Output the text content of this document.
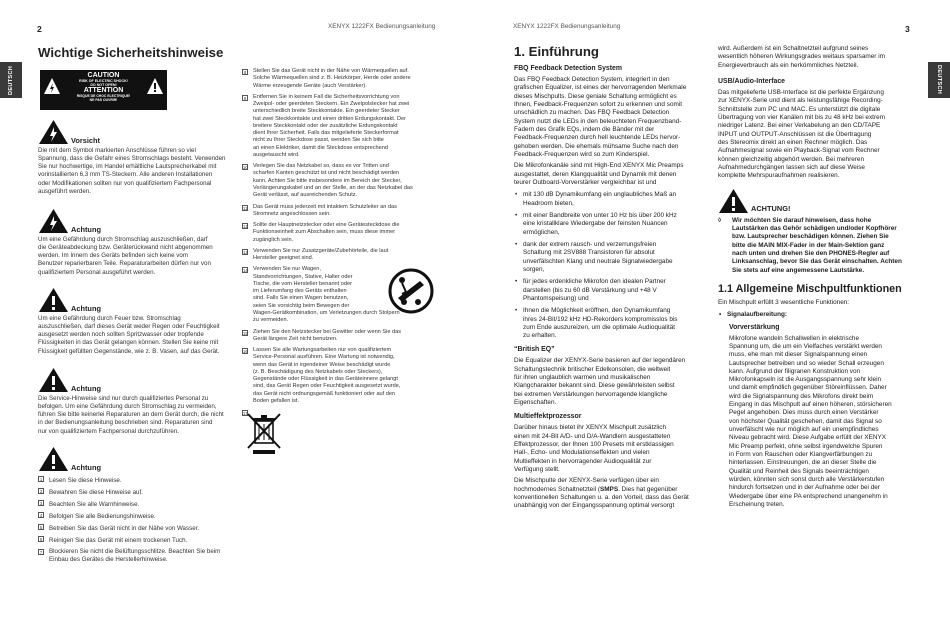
2	XENYX 1222FX Bedienungsanleitung	XENYX 1222FX Bedienungsanleitung	3
DEUTSCH	DEUTSCH
Wichtige Sicherheitshinweise
CAUTION
RISK OF ELECTRIC SHOCK!
DO NOT OPEN!
ATTENTION
RISQUE DE CHOC ELECTRIQUE!
NE PAS OUVRIR!
Vorsicht
Die mit dem Symbol markierten Anschlüsse führen so viel
Spannung, dass die Gefahr eines Stromschlags besteht. Verwenden
Sie nur hochwertige, im Handel erhältliche Lautsprecherkabel mit
vorinstallierten 6,3 mm TS-Steckern. Alle anderen Installationen
oder Modifikationen sollten nur von qualifiziertem Fachpersonal
ausgeführt werden.
Achtung
Um eine Gefährdung durch Stromschlag auszuschließen, darf
die Geräteabdeckung bzw. Geräterückwand nicht abgenommen
werden. Im Innern des Geräts befinden sich keine vom
Benutzer reparierbaren Teile. Reparaturarbeiten dürfen nur von
qualifiziertem Personal ausgeführt werden.
Achtung
Um eine Gefährdung durch Feuer bzw. Stromschlag
auszuschließen, darf dieses Gerät weder Regen oder Feuchtigkeit
ausgesetzt werden noch sollten Spritzwasser oder tropfende
Flüssigkeiten in das Gerät gelangen können. Stellen Sie keine mit
Flüssigkeit gefüllten Gegenstände, wie z. B. Vasen, auf das Gerät.
Achtung
Die Service-Hinweise sind nur durch qualifiziertes Personal zu
befolgen. Um eine Gefährdung durch Stromschlag zu vermeiden,
führen Sie bitte keinerlei Reparaturen an dem Gerät durch, die nicht
in der Bedienungsanleitung beschrieben sind. Reparaturen sind
nur von qualifiziertem Fachpersonal durchzuführen.
Achtung
1 Lesen Sie diese Hinweise.
2 Bewahren Sie diese Hinweise auf.
3 Beachten Sie alle Warnhinweise.
4 Befolgen Sie alle Bedienungshinweise.
5 Betreiben Sie das Gerät nicht in der Nähe von Wasser.
6 Reinigen Sie das Gerät mit einem trockenen Tuch.
7 Blockieren Sie nicht die Belüftungsschlitze. Beachten Sie beim
Einbau des Gerätes die Herstellerhinweise.
8	Stellen Sie das Gerät nicht in der Nähe von Wärmequellen auf.
Solche Wärmequellen sind z. B. Heizkörper, Herde oder andere
Wärme erzeugende Geräte (auch Verstärker).
9	Entfernen Sie in keinem Fall die Sicherheitsvorrichtung von
Zweipol- oder geerdeten Steckern. Ein Zweipolstecker hat zwei
unterschiedlich breite Steckkontakte. Ein geerdeter Stecker
hat zwei Steckkontakte und einen dritten Erdungskontakt. Der
breitere Steckkontakt oder der zusätzliche Erdungskontakt
dient Ihrer Sicherheit. Falls das mitgelieferte Steckerformat
nicht zu Ihrer Steckdose passt, wenden Sie sich bitte
an einen Elektriker, damit die Steckdose entsprechend
ausgetauscht wird.
10 Verlegen Sie das Netzkabel so, dass es vor Tritten und
scharfen Kanten geschützt ist und nicht beschädigt werden
kann. Achten Sie bitte insbesondere im Bereich der Stecker,
Verlängerungskabel und an der Stelle, an der das Netzkabel das
Gerät verlässt, auf ausreichenden Schutz.
11 Das Gerät muss jederzeit mit intaktem Schutzleiter an das
Stromnetz angeschlossen sein.
12 Sollte der Hauptnetzstecker oder eine Gerätesteckdose die
Funktionseinheit zum Abschalten sein, muss diese immer
zugänglich sein.
13 Verwenden Sie nur Zusatzgeräte/Zubehörteile, die laut
Hersteller geeignet sind.
14 Verwenden Sie nur Wagen,
Standvorrichtungen, Stative, Halter oder
Tische, die vom Hersteller benannt oder
im Lieferumfang des Geräts enthalten
sind. Falls Sie einen Wagen benutzen,
seien Sie vorsichtig beim Bewegen der
Wagen-Gerätkombination, um Verletzungen durch Stolpern
zu vermeiden.
15 Ziehen Sie den Netzstecker bei Gewitter oder wenn Sie das
Gerät längere Zeit nicht benutzen.
16 Lassen Sie alle Wartungsarbeiten nur von qualifiziertem
Service-Personal ausführen. Eine Wartung ist notwendig,
wenn das Gerät in irgendeiner Weise beschädigt wurde
(z. B. Beschädigung des Netzkabels oder Steckers),
Gegenstände oder Flüssigkeit in das Geräteinnere gelangt
sind, das Gerät Regen oder Feuchtigkeit ausgesetzt wurde,
das Gerät nicht ordnungsgemäß funktioniert oder auf den
Boden gefallen ist.
17
1. Einführung
FBQ Feedback Detection System
Das FBQ Feedback Detection System, integriert in den
grafischen Equalizer, ist eines der hervorragenden Merkmale
dieses Mischpults. Diese geniale Schaltung ermöglicht es
Ihnen, Feedback-Frequenzen sofort zu erkennen und somit
unschädlich zu machen. Das FBQ Feedback Detection
System nutzt die LEDs in den beleuchteten Frequenzband-
Fadern des Grafik EQs, indem die Bänder mit der
Feedback-Frequenzen durch hell leuchtende LEDs hervor-
gehoben werden. Die ehemals mühsame Suche nach den
Feedback-Frequenzen wird so zum Kinderspiel.
Die Mikrofonkanäle sind mit High-End XENYX Mic Preamps
ausgestattet, deren Klangqualität und Dynamik mit denen
teurer Outboard-Vorverstärker vergleichbar ist und
• mit 130 dB Dynamikumfang ein unglaubliches Maß an
Headroom bieten,
• mit einer Bandbreite von unter 10 Hz bis über 200 kHz
eine kristallklare Wiedergabe der feinsten Nuancen
ermöglichen,
• dank der extrem rausch- und verzerrungsfreien
Schaltung mit 2SV888 Transistoren für absolut
unverfälschten Klang und neutrale Signalwiedergabe
sorgen,
• für jedes erdenkliche Mikrofon den idealen Partner
darstellen (bis zu 60 dB Verstärkung und +48 V
Phantomspeisung) und
• Ihnen die Möglichkeit eröffnen, den Dynamikumfang
ihres 24-Bit/192 kHz HD-Rekorders kompromisslos bis
zum Ende auszureizen, um die optimale Audioqualität
zu erhalten.
“British EQ”
Die Equalizer der XENYX-Serie basieren auf der legendären
Schaltungstechnik britischer Edelkonsolen, die weltweit
für ihren unglaublich warmen und musikalischen
Klangcharakter bekannt sind. Diese gewährleisten selbst
bei extremen Verstärkungen hervorragende klangliche
Eigenschaften.
Multieffektprozessor
Darüber hinaus bietet ihr XENYX Mischpult zusätzlich
einen mit 24-Bit A/D- und D/A-Wandlern ausgestatteten
Effektprozessor, der Ihnen 100 Presets mit erstklassigen
Hall-, Echo- und Modulationseffekten und vielen
Multieffekten in hervorragender Audioqualität zur
Verfügung stellt.
Die Mischpulte der XENYX-Serie verfügen über ein
hochmodernes Schaltnetzteil (SMPS. Dies hat gegenüber
konventionellen Schaltungen u. a. den Vorteil, dass das Gerät
unabhängig von der Eingangsspannung optimal versorgt
wird. Außerdem ist ein Schaltnetzteil aufgrund seines
wesentlich höheren Wirkungsgrades weitaus sparsamer im
Energieverbrauch als ein herkömmliches Netzteil.
USB/Audio-Interface
Das mitgelieferte USB-Interface ist die perfekte Ergänzung
zur XENYX-Serie und dient als leistungsfähige Recording-
Schnittstelle zum PC und MAC. Es unterstützt die digitale
Übertragung von vier Kanälen mit bis zu 48 kHz bei extrem
niedriger Latenz. Bei einer Verkabelung an den CD/TAPE
INPUT und OUTPUT-Anschlüssen ist die Übertragung
des Stereomix direkt an einen Rechner möglich. Das
Aufnahmesignal sowie ein Playback-Signal vom Rechner
können gleichzeitig abgehört werden. Bei mehreren
Aufnahmedurchgängen lassen sich auf diese Weise
komplette Mehrspuraufnahmen realisieren.
ACHTUNG!
◊ Wir möchten Sie darauf hinweisen, dass hohe
Lautstärken das Gehör schädigen und/oder Kopfhörer
bzw. Lautsprecher beschädigen können. Ziehen Sie
bitte die MAIN MIX-Fader in der Main-Sektion ganz
nach unten und drehen Sie den PHONES-Regler auf
Linksanschlag, bevor Sie das Gerät einschalten. Achten
Sie stets auf eine angemessene Lautstärke.
1.1 Allgemeine Mischpultfunktionen
Ein Mischpult erfüllt 3 wesentliche Funktionen:
• Signalaufbereitung:
Vorverstärkung
Mikrofone wandeln Schallwellen in elektrische
Spannung um, die um ein Vielfaches verstärkt werden
muss, ehe man mit dieser Signalspannung einen
Lautsprecher betreiben und so wieder Schall erzeugen
kann. Aufgrund der filigranen Konstruktion von
Mikrofonkapseln ist die Ausgangsspannung sehr klein
und damit empfindlich gegenüber Störeinflüssen. Daher
wird die Signalspannung des Mikrofons direkt beim
Eingang in das Mischpult auf einen höheren, störsicheren
Pegel angehoben. Dies muss durch einen Verstärker
von höchster Qualität geschehen, damit das Signal so
unverfälscht wie nur möglich auf ein unempfindliches
Niveau gebracht wird. Diese Aufgabe erfüllt der XENYX
Mic Preamp perfekt, ohne selbst irgendwelche Spuren
in Form von Rauschen oder Klangverfärbungen zu
hinterlassen. Einstreuungen, die an dieser Stelle die
Qualität und Reinheit des Signals beeinträchtigen
würden, könnten sich sonst durch alle Verstärkerstufen
hindurch fortsetzen und in der Aufnahme oder bei der
Wiedergabe über eine PA entsprechend unangenehm in
Erscheinung treten.
